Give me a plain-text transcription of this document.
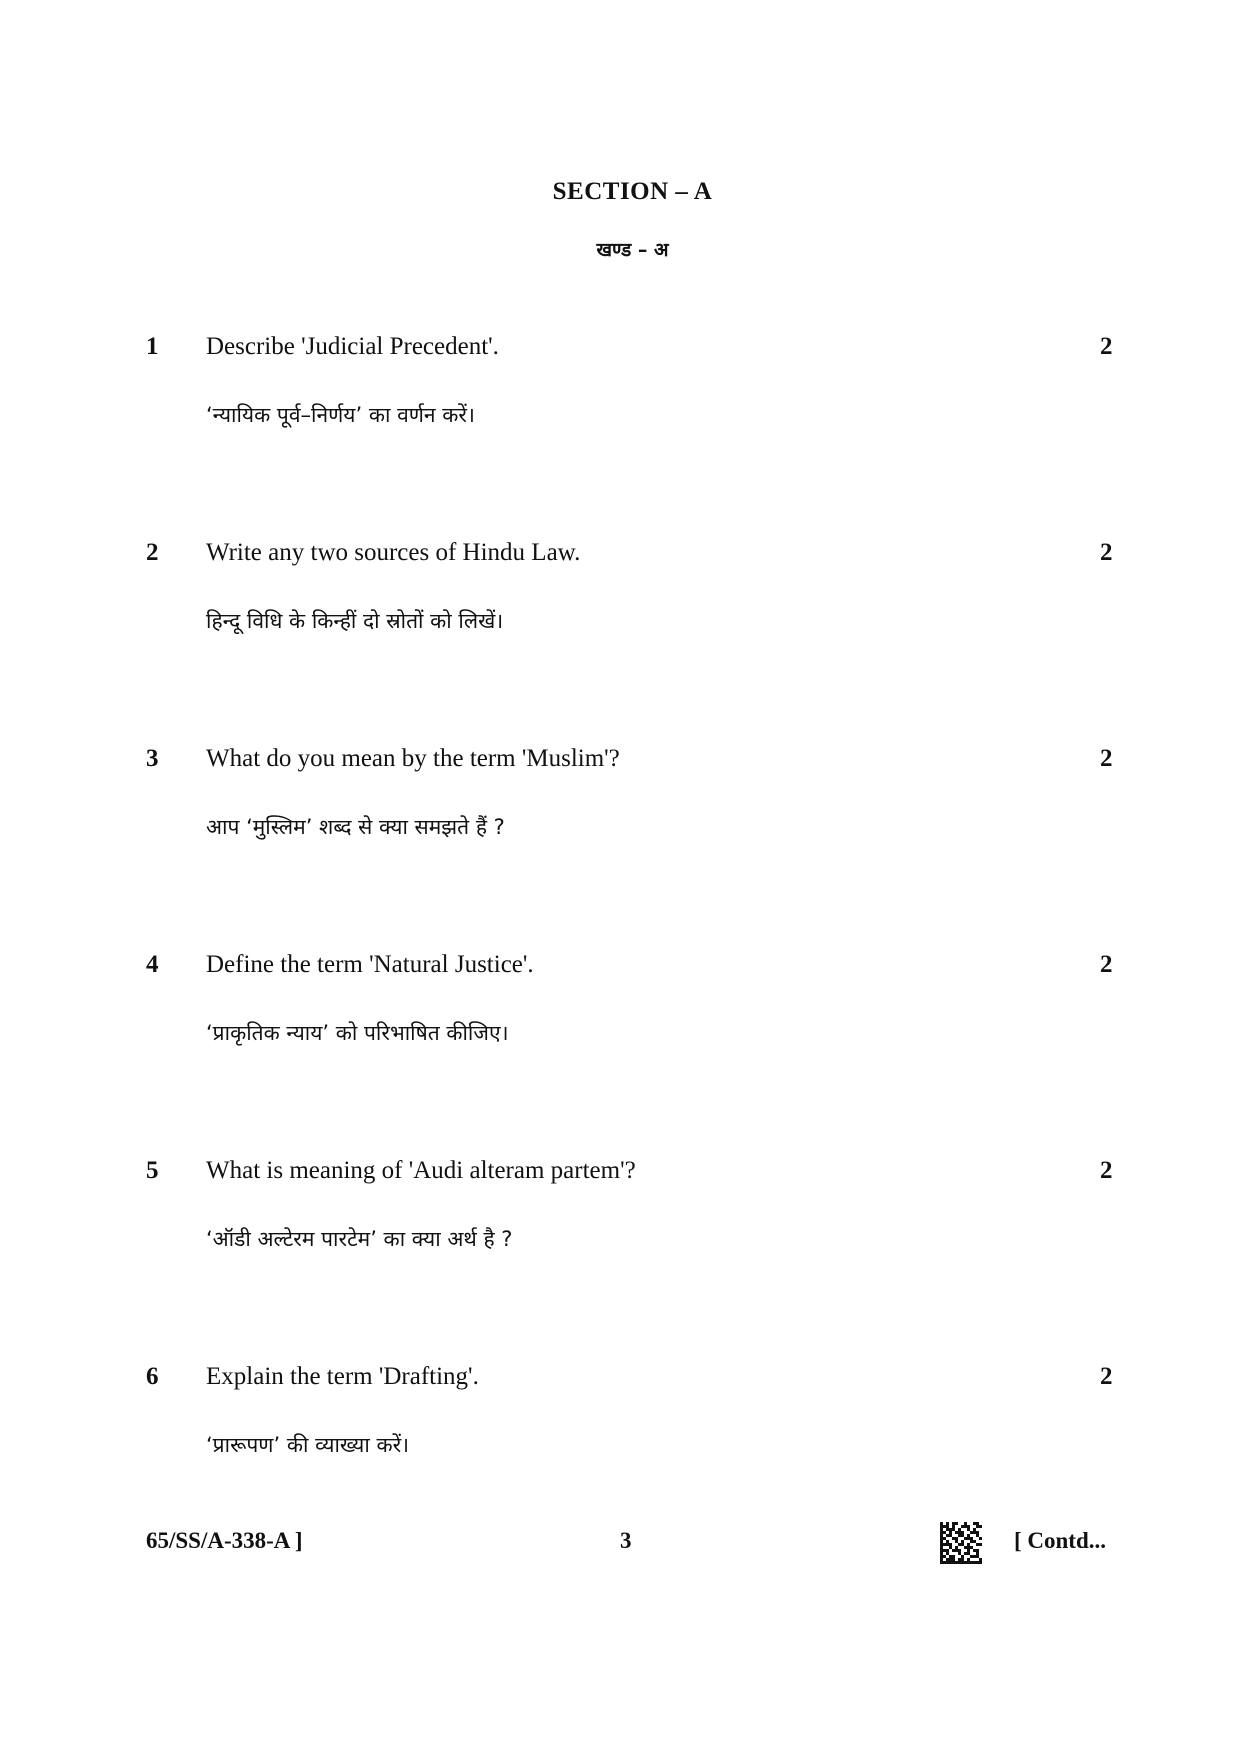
SECTION – A
खण्ड – अ
1 Describe 'Judicial Precedent'.	2
‘न्यायिक पूर्व–निर्णय’ का वर्णन करें।
2 Write any two sources of Hindu Law.	2
हिन्दू विधि के किन्हीं दो स्रोतों को लिखें।
3 What do you mean by the term 'Muslim'?	2
आप ‘मुस्लिम’ शब्द से क्या समझते हैं ?
4 Define the term 'Natural Justice'.	2
‘प्राकृतिक न्याय’ को परिभाषित कीजिए।
5 What is meaning of 'Audi alteram partem'?	2
‘ऑडी अल्टेरम पारटेम’ का क्या अर्थ है ?
6 Explain the term 'Drafting'.	2
‘प्रारूपण’ की व्याख्या करें।
65/SS/A-338-A ]	3	[ Contd...
